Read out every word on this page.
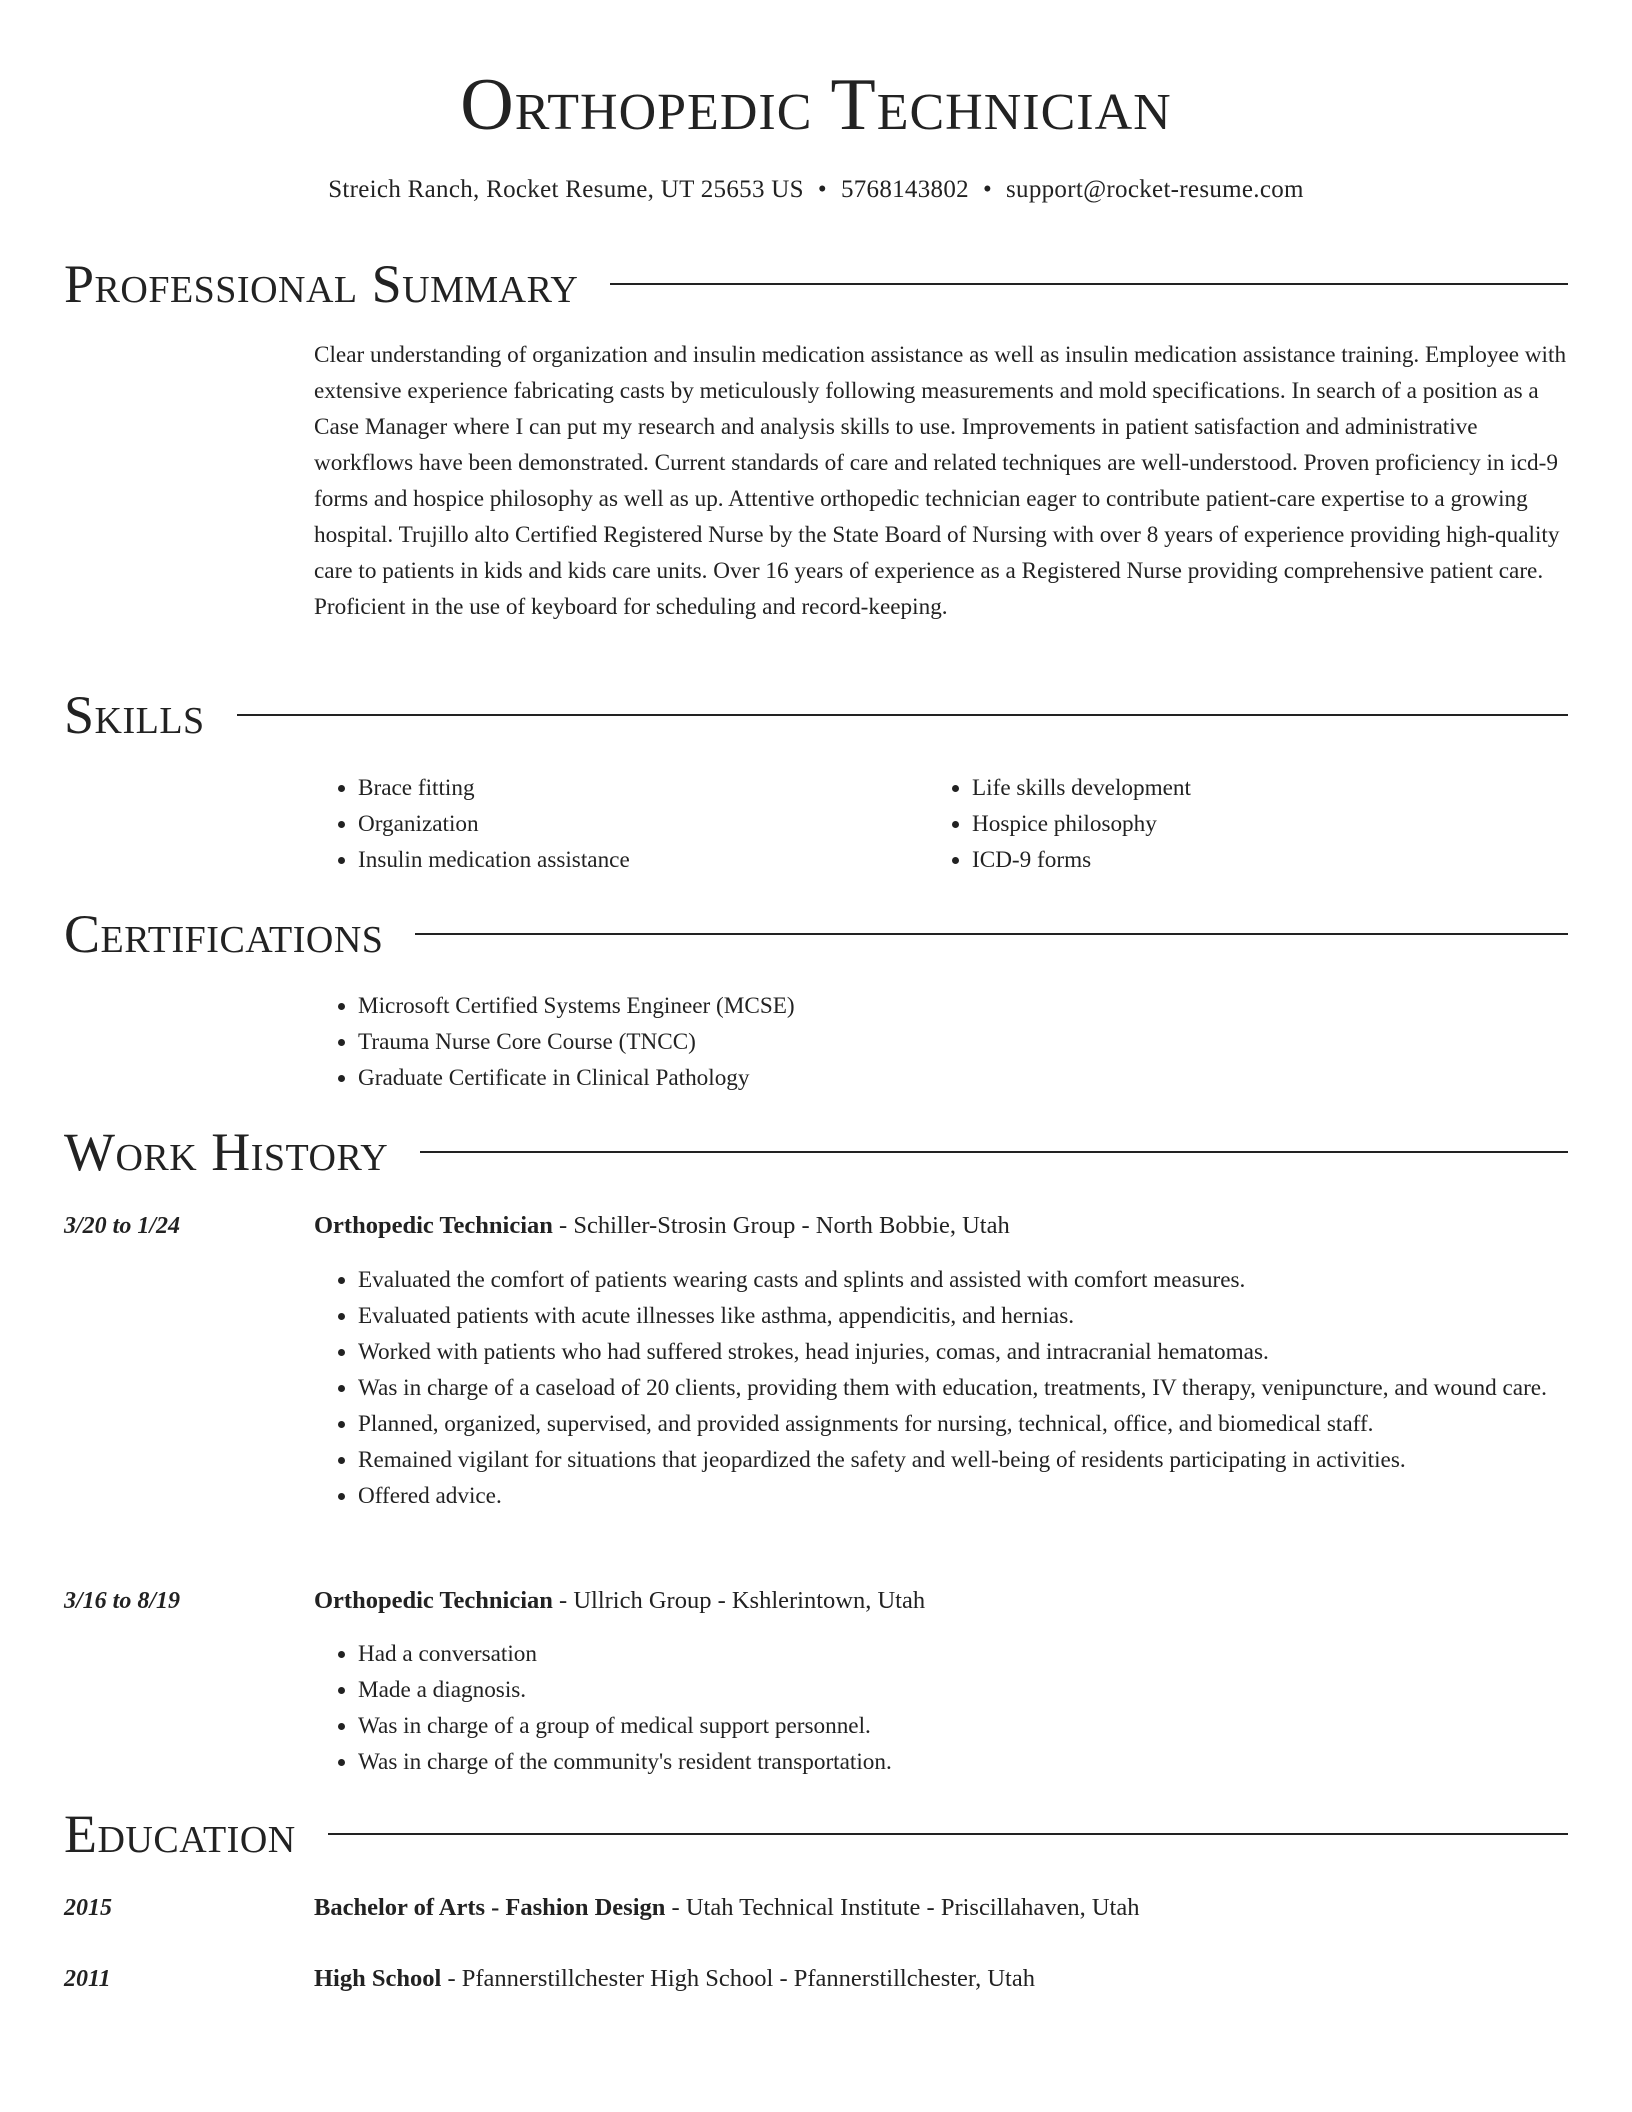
Orthopedic Technician
Streich Ranch, Rocket Resume, UT 25653 US • 5768143802 • support@rocket-resume.com
Professional Summary
Clear understanding of organization and insulin medication assistance as well as insulin medication assistance training. Employee with extensive experience fabricating casts by meticulously following measurements and mold specifications. In search of a position as a Case Manager where I can put my research and analysis skills to use. Improvements in patient satisfaction and administrative workflows have been demonstrated. Current standards of care and related techniques are well-understood. Proven proficiency in icd-9 forms and hospice philosophy as well as up. Attentive orthopedic technician eager to contribute patient-care expertise to a growing hospital. Trujillo alto Certified Registered Nurse by the State Board of Nursing with over 8 years of experience providing high-quality care to patients in kids and kids care units. Over 16 years of experience as a Registered Nurse providing comprehensive patient care. Proficient in the use of keyboard for scheduling and record-keeping.
Skills
• Brace fitting
• Organization
• Insulin medication assistance
• Life skills development
• Hospice philosophy
• ICD-9 forms
Certifications
• Microsoft Certified Systems Engineer (MCSE)
• Trauma Nurse Core Course (TNCC)
• Graduate Certificate in Clinical Pathology
Work History
3/20 to 1/24	Orthopedic Technician - Schiller-Strosin Group - North Bobbie, Utah
• Evaluated the comfort of patients wearing casts and splints and assisted with comfort measures.
• Evaluated patients with acute illnesses like asthma, appendicitis, and hernias.
• Worked with patients who had suffered strokes, head injuries, comas, and intracranial hematomas.
• Was in charge of a caseload of 20 clients, providing them with education, treatments, IV therapy, venipuncture, and wound care.
• Planned, organized, supervised, and provided assignments for nursing, technical, office, and biomedical staff.
• Remained vigilant for situations that jeopardized the safety and well-being of residents participating in activities.
• Offered advice.
3/16 to 8/19	Orthopedic Technician - Ullrich Group - Kshlerintown, Utah
• Had a conversation
• Made a diagnosis.
• Was in charge of a group of medical support personnel.
• Was in charge of the community's resident transportation.
Education
2015	Bachelor of Arts - Fashion Design - Utah Technical Institute - Priscillahaven, Utah
2011	High School - Pfannerstillchester High School - Pfannerstillchester, Utah
